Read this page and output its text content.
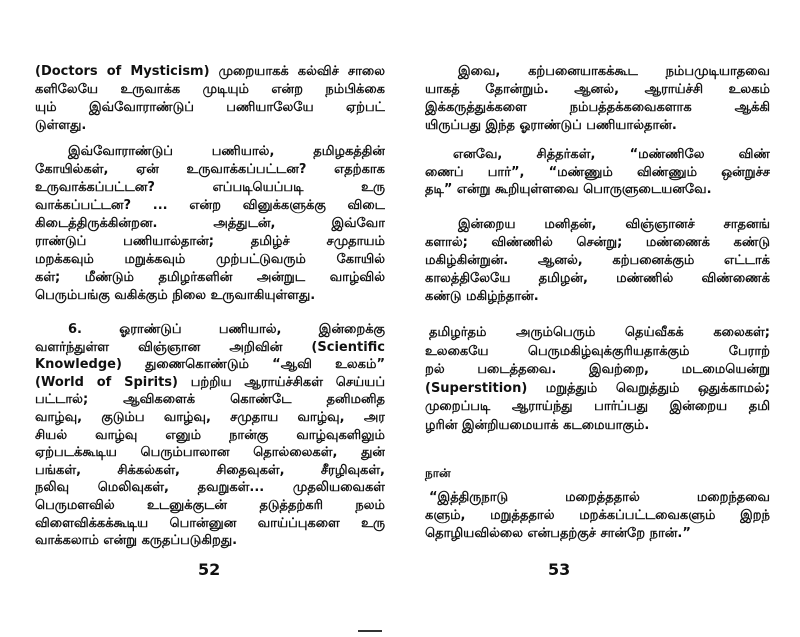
(Doctors of Mysticism) முறையாகக் கல்விச் சாலை
களிலேயே உருவாக்க முடியும் என்ற நம்பிக்கை
யும் இவ்வோராண்டுப் பணியாலேயே ஏற்பட்
டுள்ளது.
இவ்வோராண்டுப் பணியால், தமிழகத்தின்
கோயில்கள், ஏன் உருவாக்கப்பட்டன? எதற்காக
உருவாக்கப்பட்டன? எப்படியெப்படி உரு
வாக்கப்பட்டன? ... என்ற வினுக்களுக்கு விடை
கிடைத்திருக்கின்றன. அத்துடன், இவ்வோ
ராண்டுப் பணியால்தான்; தமிழ்ச் சமுதாயம்
மறக்கவும் மறுக்கவும் முற்பட்டுவரும் கோயில்
கள்; மீண்டும் தமிழர்களின் அன்றுட வாழ்வில்
பெரும்பங்கு வகிக்கும் நிலை உருவாகியுள்ளது.
6. ஓராண்டுப் பணியால், இன்றைக்கு
வளர்ந்துள்ள விஞ்ஞான அறிவின் (Scientific
Knowledge) துணைகொண்டும் “ஆவி உலகம்”
(World of Spirits) பற்றிய ஆராய்ச்சிகள் செய்யப்
பட்டால்; ஆவிகளைக் கொண்டே தனிமனித
வாழ்வு, குடும்ப வாழ்வு, சமுதாய வாழ்வு, அர
சியல் வாழ்வு எனும் நான்கு வாழ்வுகளிலும்
ஏற்படக்கூடிய பெரும்பாலான தொல்லைகள், துன்
பங்கள், சிக்கல்கள், சிதைவுகள், சீரழிவுகள்,
நலிவு மெலிவுகள், தவறுகள்... முதலியவைகள்
பெருமளவில் உடனுக்குடன் தடுத்தற்கரி நலம்
விளைவிக்கக்கூடிய பொன்னுன வாய்ப்புகளை உரு
வாக்கலாம் என்று கருதப்படுகிறது.
52
இவை, கற்பனையாகக்கூட நம்பமுடியாதவை
யாகத் தோன்றும். ஆனல், ஆராய்ச்சி உலகம்
இக்கருத்துக்களை நம்பத்தக்கவைகளாக ஆக்கி
யிருப்பது இந்த ஓராண்டுப் பணியால்தான்.
எனவே, சித்தர்கள், “மண்ணிலே விண்
ணைப் பார்”, “மண்ணும் விண்ணும் ஒன்றுச்ச
தடி” என்று கூறியுள்ளவை பொருளுடையனவே.
இன்றைய மனிதன், விஞ்ஞானச் சாதனங்
களால்; விண்ணில் சென்று; மண்ணைக் கண்டு
மகிழ்கின்றுன். ஆனல், கற்பனைக்கும் எட்டாக்
காலத்திலேயே தமிழன், மண்ணில் விண்ணைக்
கண்டு மகிழ்ந்தான்.
தமிழர்தம் அரும்பெரும் தெய்வீகக் கலைகள்;
உலகையே பெருமகிழ்வுக்குரியதாக்கும் பேராற்
றல் படைத்தவை. இவற்றை, மடமையென்று
(Superstition) மறுத்தும் வெறுத்தும் ஒதுக்காமல்;
முறைப்படி ஆராய்ந்து பார்ப்பது இன்றைய தமி
ழரின் இன்றியமையாக் கடமையாகும்.
நான்
“இத்திருநாடு மறைத்ததால் மறைந்தவை
களும், மறுத்ததால் மறக்கப்பட்டவைகளும் இறந்
தொழியவில்லை என்பதற்குச் சான்றே நான்.”
53
